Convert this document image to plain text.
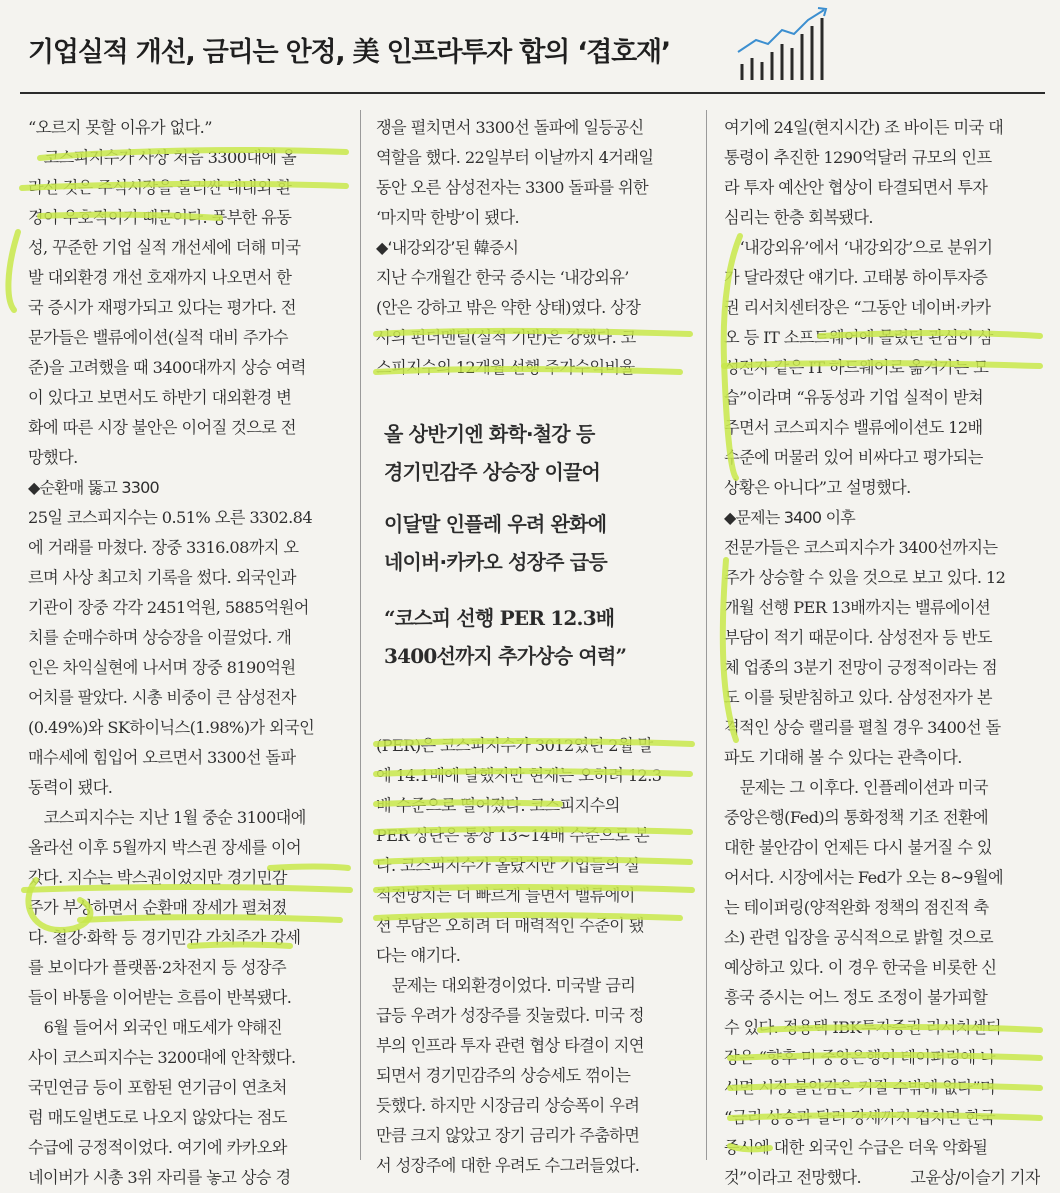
기업실적 개선, 금리는 안정, 美 인프라투자 합의 ‘겹호재’
“오르지 못할 이유가 없다.”
　코스피지수가 사상 처음 3300대에 올
라선 것은 주식시장을 둘러싼 대내외 환
경이 우호적이기 때문이다. 풍부한 유동
성, 꾸준한 기업 실적 개선세에 더해 미국
발 대외환경 개선 호재까지 나오면서 한
국 증시가 재평가되고 있다는 평가다. 전
문가들은 밸류에이션(실적 대비 주가수
준)을 고려했을 때 3400대까지 상승 여력
이 있다고 보면서도 하반기 대외환경 변
화에 따른 시장 불안은 이어질 것으로 전
망했다.
◆순환매 뚫고 3300
25일 코스피지수는 0.51% 오른 3302.84
에 거래를 마쳤다. 장중 3316.08까지 오
르며 사상 최고치 기록을 썼다. 외국인과
기관이 장중 각각 2451억원, 5885억원어
치를 순매수하며 상승장을 이끌었다. 개
인은 차익실현에 나서며 장중 8190억원
어치를 팔았다. 시총 비중이 큰 삼성전자
(0.49%)와 SK하이닉스(1.98%)가 외국인
매수세에 힘입어 오르면서 3300선 돌파
동력이 됐다.
　코스피지수는 지난 1월 중순 3100대에
올라선 이후 5월까지 박스권 장세를 이어
갔다. 지수는 박스권이었지만 경기민감
주가 부상하면서 순환매 장세가 펼쳐졌
다. 철강·화학 등 경기민감 가치주가 강세
를 보이다가 플랫폼·2차전지 등 성장주
들이 바통을 이어받는 흐름이 반복됐다.
　6월 들어서 외국인 매도세가 약해진
사이 코스피지수는 3200대에 안착했다.
국민연금 등이 포함된 연기금이 연초처
럼 매도일변도로 나오지 않았다는 점도
수급에 긍정적이었다. 여기에 카카오와
네이버가 시총 3위 자리를 놓고 상승 경
쟁을 펼치면서 3300선 돌파에 일등공신
역할을 했다. 22일부터 이날까지 4거래일
동안 오른 삼성전자는 3300 돌파를 위한
‘마지막 한방’이 됐다.
◆‘내강외강’된 韓증시
지난 수개월간 한국 증시는 ‘내강외유’
(안은 강하고 밖은 약한 상태)였다. 상장
사의 펀더멘털(실적 기반)은 강했다. 코
스피지수의 12개월 선행 주가수익비율
올 상반기엔 화학·철강 등
경기민감주 상승장 이끌어
이달말 인플레 우려 완화에
네이버·카카오 성장주 급등
“코스피 선행 PER 12.3배
3400선까지 추가상승 여력”
(PER)은 코스피지수가 3012였던 2월 말
에 14.1배에 달했지만 현재는 오히려 12.3
배 수준으로 떨어졌다. 코스피지수의
PER 상단은 통상 13~14배 수준으로 본
다. 코스피지수가 올랐지만 기업들의 실
적전망치는 더 빠르게 늘면서 밸류에이
션 부담은 오히려 더 매력적인 수준이 됐
다는 얘기다.
　문제는 대외환경이었다. 미국발 금리
급등 우려가 성장주를 짓눌렀다. 미국 정
부의 인프라 투자 관련 협상 타결이 지연
되면서 경기민감주의 상승세도 꺾이는
듯했다. 하지만 시장금리 상승폭이 우려
만큼 크지 않았고 장기 금리가 주춤하면
서 성장주에 대한 우려도 수그러들었다.
여기에 24일(현지시간) 조 바이든 미국 대
통령이 추진한 1290억달러 규모의 인프
라 투자 예산안 협상이 타결되면서 투자
심리는 한층 회복됐다.
　‘내강외유’에서 ‘내강외강’으로 분위기
가 달라졌단 얘기다. 고태봉 하이투자증
권 리서치센터장은 “그동안 네이버·카카
오 등 IT 소프트웨어에 몰렸던 관심이 삼
성전자 같은 IT 하드웨어로 옮겨가는 모
습”이라며 “유동성과 기업 실적이 받쳐
주면서 코스피지수 밸류에이션도 12배
수준에 머물러 있어 비싸다고 평가되는
상황은 아니다”고 설명했다.
◆문제는 3400 이후
전문가들은 코스피지수가 3400선까지는
주가 상승할 수 있을 것으로 보고 있다. 12
개월 선행 PER 13배까지는 밸류에이션
부담이 적기 때문이다. 삼성전자 등 반도
체 업종의 3분기 전망이 긍정적이라는 점
도 이를 뒷받침하고 있다. 삼성전자가 본
격적인 상승 랠리를 펼칠 경우 3400선 돌
파도 기대해 볼 수 있다는 관측이다.
　문제는 그 이후다. 인플레이션과 미국
중앙은행(Fed)의 통화정책 기조 전환에
대한 불안감이 언제든 다시 불거질 수 있
어서다. 시장에서는 Fed가 오는 8~9월에
는 테이퍼링(양적완화 정책의 점진적 축
소) 관련 입장을 공식적으로 밝힐 것으로
예상하고 있다. 이 경우 한국을 비롯한 신
흥국 증시는 어느 정도 조정이 불가피할
수 있다. 정용택 IBK투자증권 리서치센터
장은 “향후 미 중앙은행이 테이퍼링에 나
서면 시장 불안감은 커질 수밖에 없다”며
“금리 상승과 달러 강세까지 겹치면 한국
증시에 대한 외국인 수급은 더욱 악화될
것”이라고 전망했다.	고윤상/이슬기 기자
